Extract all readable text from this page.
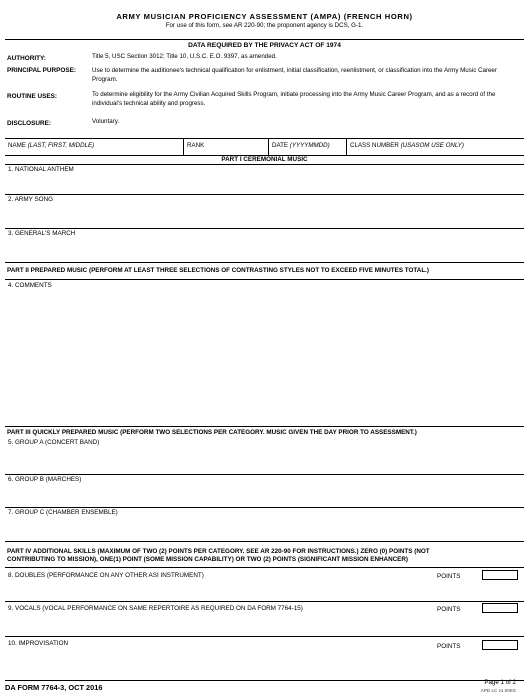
ARMY MUSICIAN PROFICIENCY ASSESSMENT (AMPA) (FRENCH HORN)
For use of this form, see AR 220-90; the proponent agency is DCS, G-1.
DATA REQUIRED BY THE PRIVACY ACT OF 1974
AUTHORITY:	Title 5, USC Section 3012; Title 10, U.S.C. E.O. 9397, as amended.
PRINCIPAL PURPOSE:	Use to determine the auditionee's technical qualification for enlistment, initial classification, reenlistment, or classification into the Army Music Career Program.
ROUTINE USES:	To determine eligibility for the Army Civilian Acquired Skills Program, initiate processing into the Army Music Career Program, and as a record of the individual's technical ability and progress.
DISCLOSURE:	Voluntary.
NAME (LAST, FIRST, MIDDLE)	RANK	DATE (YYYYMMDD)	CLASS NUMBER (USASOM USE ONLY)
PART I CEREMONIAL MUSIC
1. NATIONAL ANTHEM
2. ARMY SONG
3. GENERAL'S MARCH
PART II PREPARED MUSIC (PERFORM AT LEAST THREE SELECTIONS OF CONTRASTING STYLES NOT TO EXCEED FIVE MINUTES TOTAL.)
4. COMMENTS
PART III QUICKLY PREPARED MUSIC (PERFORM TWO SELECTIONS PER CATEGORY. MUSIC GIVEN THE DAY PRIOR TO ASSESSMENT.)
5. GROUP A (CONCERT BAND)
6. GROUP B (MARCHES)
7. GROUP C (CHAMBER ENSEMBLE)
PART IV ADDITIONAL SKILLS (MAXIMUM OF TWO (2) POINTS PER CATEGORY. SEE AR 220-90 FOR INSTRUCTIONS.) ZERO (0) POINTS (NOT
CONTRIBUTING TO MISSION), ONE(1) POINT (SOME MISSION CAPABILITY) OR TWO (2) POINTS (SIGNIFICANT MISSION ENHANCER)
8. DOUBLES (PERFORMANCE ON ANY OTHER ASI INSTRUMENT)	POINTS
9. VOCALS (VOCAL PERFORMANCE ON SAME REPERTOIRE AS REQUIRED ON DA FORM 7764-15)	POINTS
10. IMPROVISATION	POINTS
DA FORM 7764-3, OCT 2016
Page 1 of 2
APD LC v1.00ES
